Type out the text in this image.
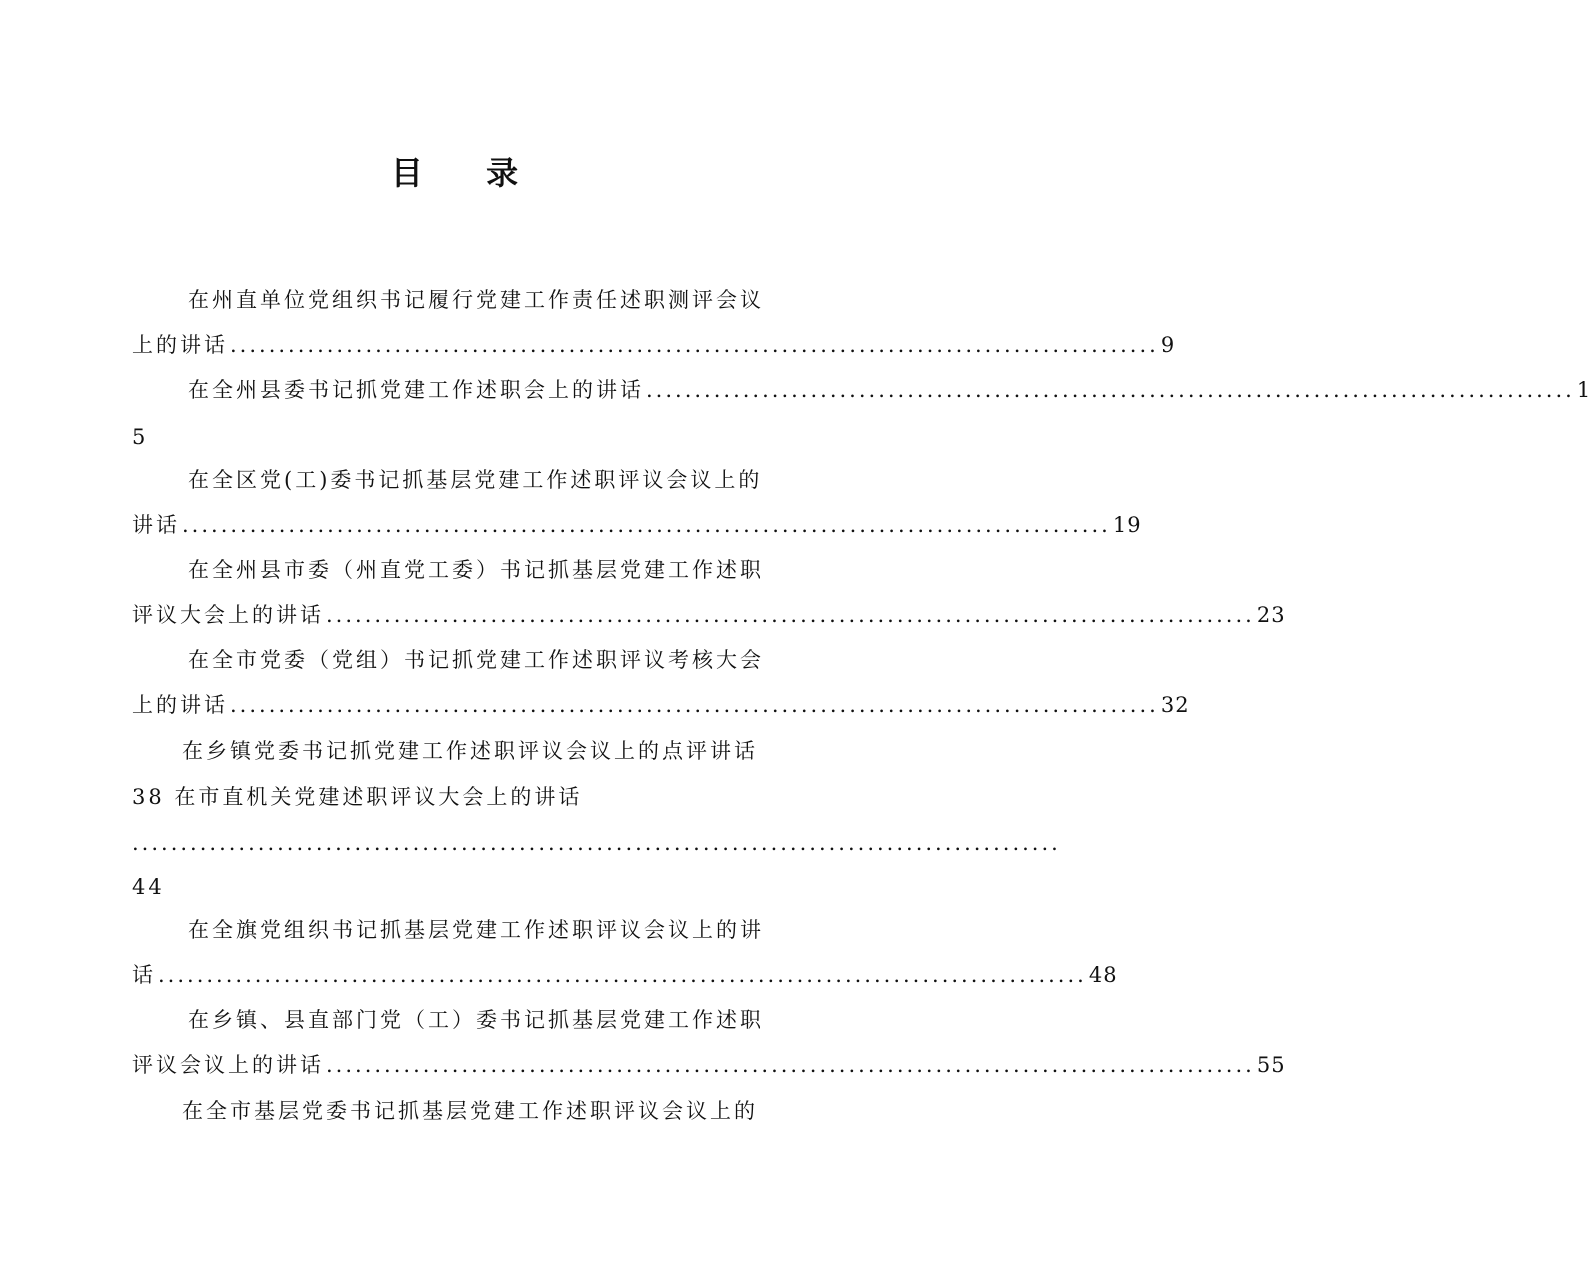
目 录
在州直单位党组织书记履行党建工作责任述职测评会议
上的讲话 ................................................................................................ 9
在全州县委书记抓党建工作述职会上的讲话 ................................................................................................ 1
5
在全区党(工)委书记抓基层党建工作述职评议会议上的
讲话 ................................................................................................ 19
在全州县市委（州直党工委）书记抓基层党建工作述职
评议大会上的讲话 ................................................................................................ 23
在全市党委（党组）书记抓党建工作述职评议考核大会
上的讲话 ................................................................................................ 32
在乡镇党委书记抓党建工作述职评议会议上的点评讲话
38 在市直机关党建述职评议大会上的讲话
................................................................................................
44
在全旗党组织书记抓基层党建工作述职评议会议上的讲
话 ................................................................................................ 48
在乡镇、县直部门党（工）委书记抓基层党建工作述职
评议会议上的讲话 ................................................................................................ 55
在全市基层党委书记抓基层党建工作述职评议会议上的
